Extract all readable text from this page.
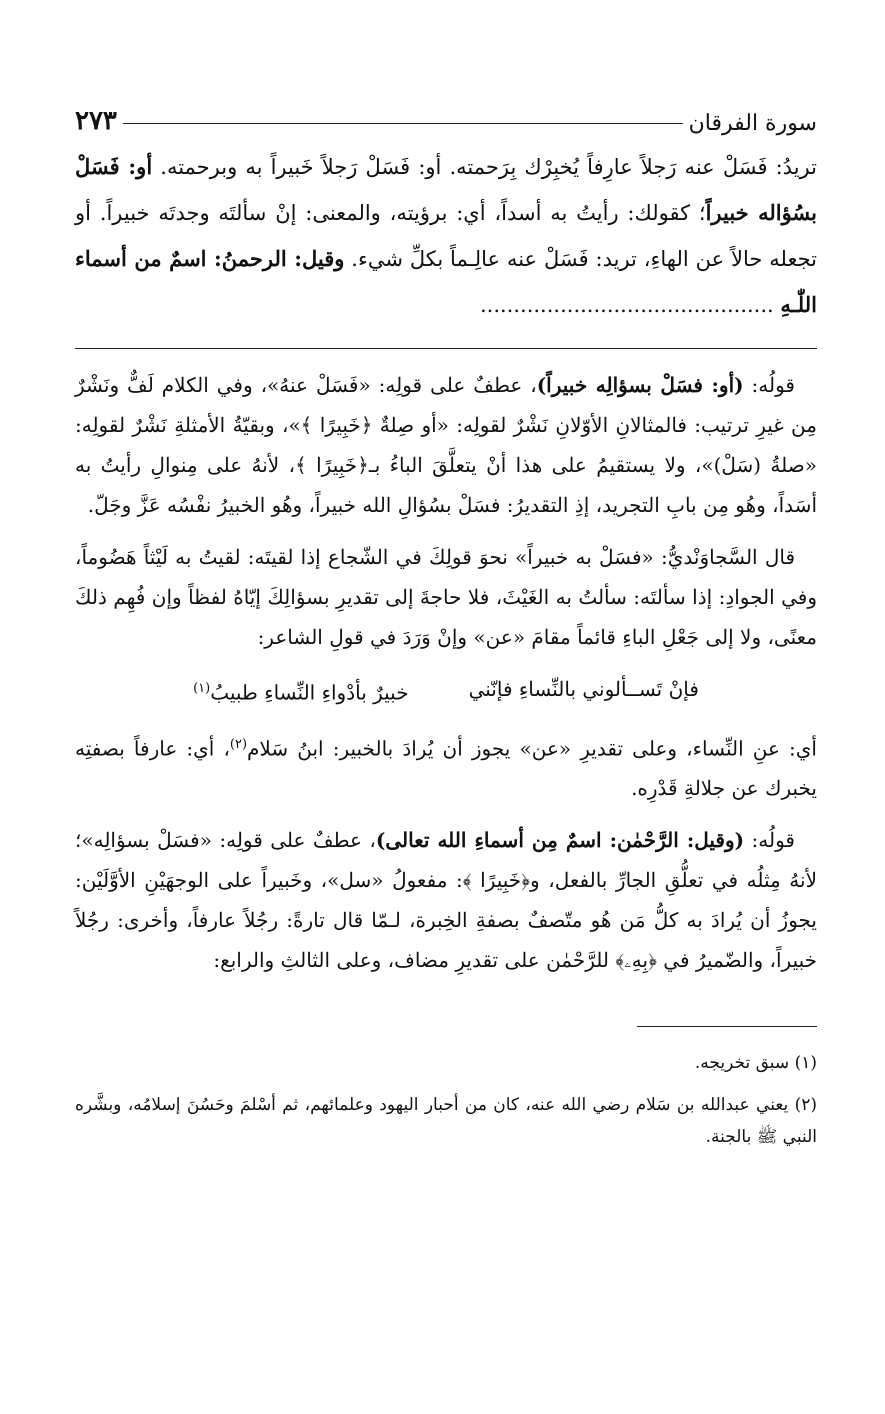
سورة الفرقان
٢٧٣

تريدُ: فَسَلْ عنه رَجلاً عارِفاً يُخبِرْك بِرَحمته. أو: فَسَلْ رَجلاً خَبيراً به وبرحمته. أو: فَسَلْ بسُؤاله خبيراً؛ كقولك: رأيتُ به أسداً، أي: برؤيته، والمعنى: إنْ سألتَه وجدتَه خبيراً. أو تجعله حالاً عن الهاءِ، تريد: فَسَلْ عنه عالِـماً بكلِّ شيء. وقيل: الرحمنُ: اسمٌ من أسماء اللّٰـهِ ............................................

قولُه: (أو: فسَلْ بسؤالِه خبيراً)، عطفٌ على قولِه: «فَسَلْ عنهُ»، وفي الكلام لَفٌّ ونَشْرٌ مِن غيرِ ترتيب: فالمثالانِ الأوّلانِ نَشْرٌ لقولِه: «أو صِلةٌ ﴿خَبِيرًا ﴾»، وبقيّةُ الأمثلةِ نَشْرٌ لقولِه: «صلةُ (سَلْ)»، ولا يستقيمُ على هذا أنْ يتعلَّقَ الباءُ بـ﴿خَبِيرًا ﴾، لأنهُ على مِنوالِ رأيتُ به أسَداً، وهُو مِن بابِ التجريد، إذِ التقديرُ: فسَلْ بسُؤالِ الله خبيراً، وهُو الخبيرُ نفْسُه عَزَّ وجَلّ.

قال السَّجاوَنْديُّ: «فسَلْ به خبيراً» نحوَ قولِكَ في الشّجاع إذا لقيتَه: لقيتُ به لَيْثاً هَضُوماً، وفي الجوادِ: إذا سألتَه: سألتُ به الغَيْثَ، فلا حاجةَ إلى تقديرِ بسؤالِكَ إيّاهُ لفظاً وإن فُهِم ذلكَ معنًى، ولا إلى جَعْلِ الباءِ قائماً مقامَ «عن» وإنْ وَرَدَ في قولِ الشاعر:

فإنْ تَســألوني بالنِّساءِ فإنّني
خبيرٌ بأدْواءِ النِّساءِ طبيبُ$^{(١)}$

أي: عنِ النِّساء، وعلى تقديرِ «عن» يجوز أن يُرادَ بالخبير: ابنُ سَلام$^{(٢)}$، أي: عارفاً بصفتِه يخبرك عن جلالةِ قَدْرِه.

قولُه: (وقيل: الرَّحْمٰن: اسمٌ مِن أسماءِ الله تعالى)، عطفٌ على قولِه: «فسَلْ بسؤالِه»؛ لأنهُ مِثلُه في تعلُّقِ الجارِّ بالفعل، و﴿خَبِيرًا ﴾: مفعولُ «سل»، وخَبيراً على الوجهَيْنِ الأوَّلَيْن: يجوزُ أن يُرادَ به كلُّ مَن هُو متّصفٌ بصفةِ الخِبرة، لـمّا قال تارةً: رجُلاً عارفاً، وأخرى: رجُلاً خبيراً، والضّميرُ في ﴿بِهِۦ﴾ للرَّحْمٰن على تقديرِ مضاف، وعلى الثالثِ والرابع:

(١) سبق تخريجه.

(٢) يعني عبدالله بن سَلام رضي الله عنه، كان من أحبار اليهود وعلمائهم، ثم أسْلمَ وحَسُنَ إسلامُه، وبشَّره النبي ﷺ بالجنة.
